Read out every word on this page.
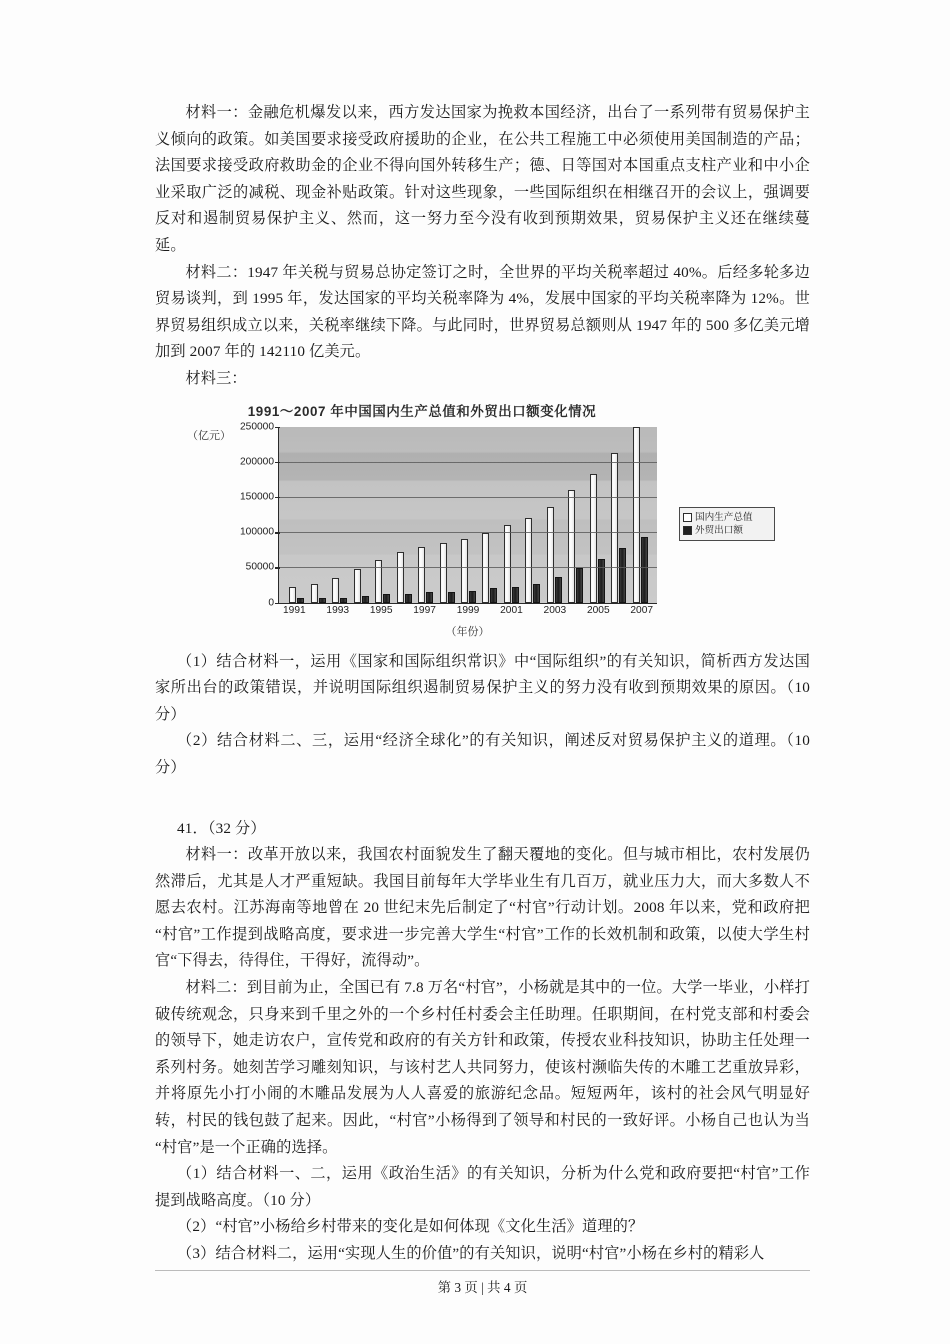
材料一：金融危机爆发以来，西方发达国家为挽救本国经济，出台了一系列带有贸易保护主义倾向的政策。如美国要求接受政府援助的企业，在公共工程施工中必须使用美国制造的产品；法国要求接受政府救助金的企业不得向国外转移生产；德、日等国对本国重点支柱产业和中小企业采取广泛的减税、现金补贴政策。针对这些现象，一些国际组织在相继召开的会议上，强调要反对和遏制贸易保护主义、然而，这一努力至今没有收到预期效果，贸易保护主义还在继续蔓延。

材料二：1947 年关税与贸易总协定签订之时，全世界的平均关税率超过 40%。后经多轮多边贸易谈判，到 1995 年，发达国家的平均关税率降为 4%，发展中国家的平均关税率降为 12%。世界贸易组织成立以来，关税率继续下降。与此同时，世界贸易总额则从 1947 年的 500 多亿美元增加到 2007 年的 142110 亿美元。

材料三：

1991～2007 年中国国内生产总值和外贸出口额变化情况
（亿元）
0
50000
100000
150000
200000
250000
1991 1993 1995 1997 1999 2001 2003 2005 2007
（年份）
国内生产总值
外贸出口额

（1）结合材料一，运用《国家和国际组织常识》中“国际组织”的有关知识，简析西方发达国家所出台的政策错误，并说明国际组织遏制贸易保护主义的努力没有收到预期效果的原因。（10 分）

（2）结合材料二、三，运用“经济全球化”的有关知识，阐述反对贸易保护主义的道理。（10 分）

41．（32 分）

材料一：改革开放以来，我国农村面貌发生了翻天覆地的变化。但与城市相比，农村发展仍然滞后，尤其是人才严重短缺。我国目前每年大学毕业生有几百万，就业压力大，而大多数人不愿去农村。江苏海南等地曾在 20 世纪末先后制定了“村官”行动计划。2008 年以来，党和政府把“村官”工作提到战略高度，要求进一步完善大学生“村官”工作的长效机制和政策，以使大学生村官“下得去，待得住，干得好，流得动”。

材料二：到目前为止，全国已有 7.8 万名“村官”，小杨就是其中的一位。大学一毕业，小样打破传统观念，只身来到千里之外的一个乡村任村委会主任助理。任职期间，在村党支部和村委会的领导下，她走访农户，宣传党和政府的有关方针和政策，传授农业科技知识，协助主任处理一系列村务。她刻苦学习雕刻知识，与该村艺人共同努力，使该村濒临失传的木雕工艺重放异彩，并将原先小打小闹的木雕品发展为人人喜爱的旅游纪念品。短短两年，该村的社会风气明显好转，村民的钱包鼓了起来。因此，“村官”小杨得到了领导和村民的一致好评。小杨自己也认为当“村官”是一个正确的选择。

（1）结合材料一、二，运用《政治生活》的有关知识，分析为什么党和政府要把“村官”工作提到战略高度。（10 分）

（2）“村官”小杨给乡村带来的变化是如何体现《文化生活》道理的？

（3）结合材料二，运用“实现人生的价值”的有关知识，说明“村官”小杨在乡村的精彩人

第 3 页 | 共 4 页
